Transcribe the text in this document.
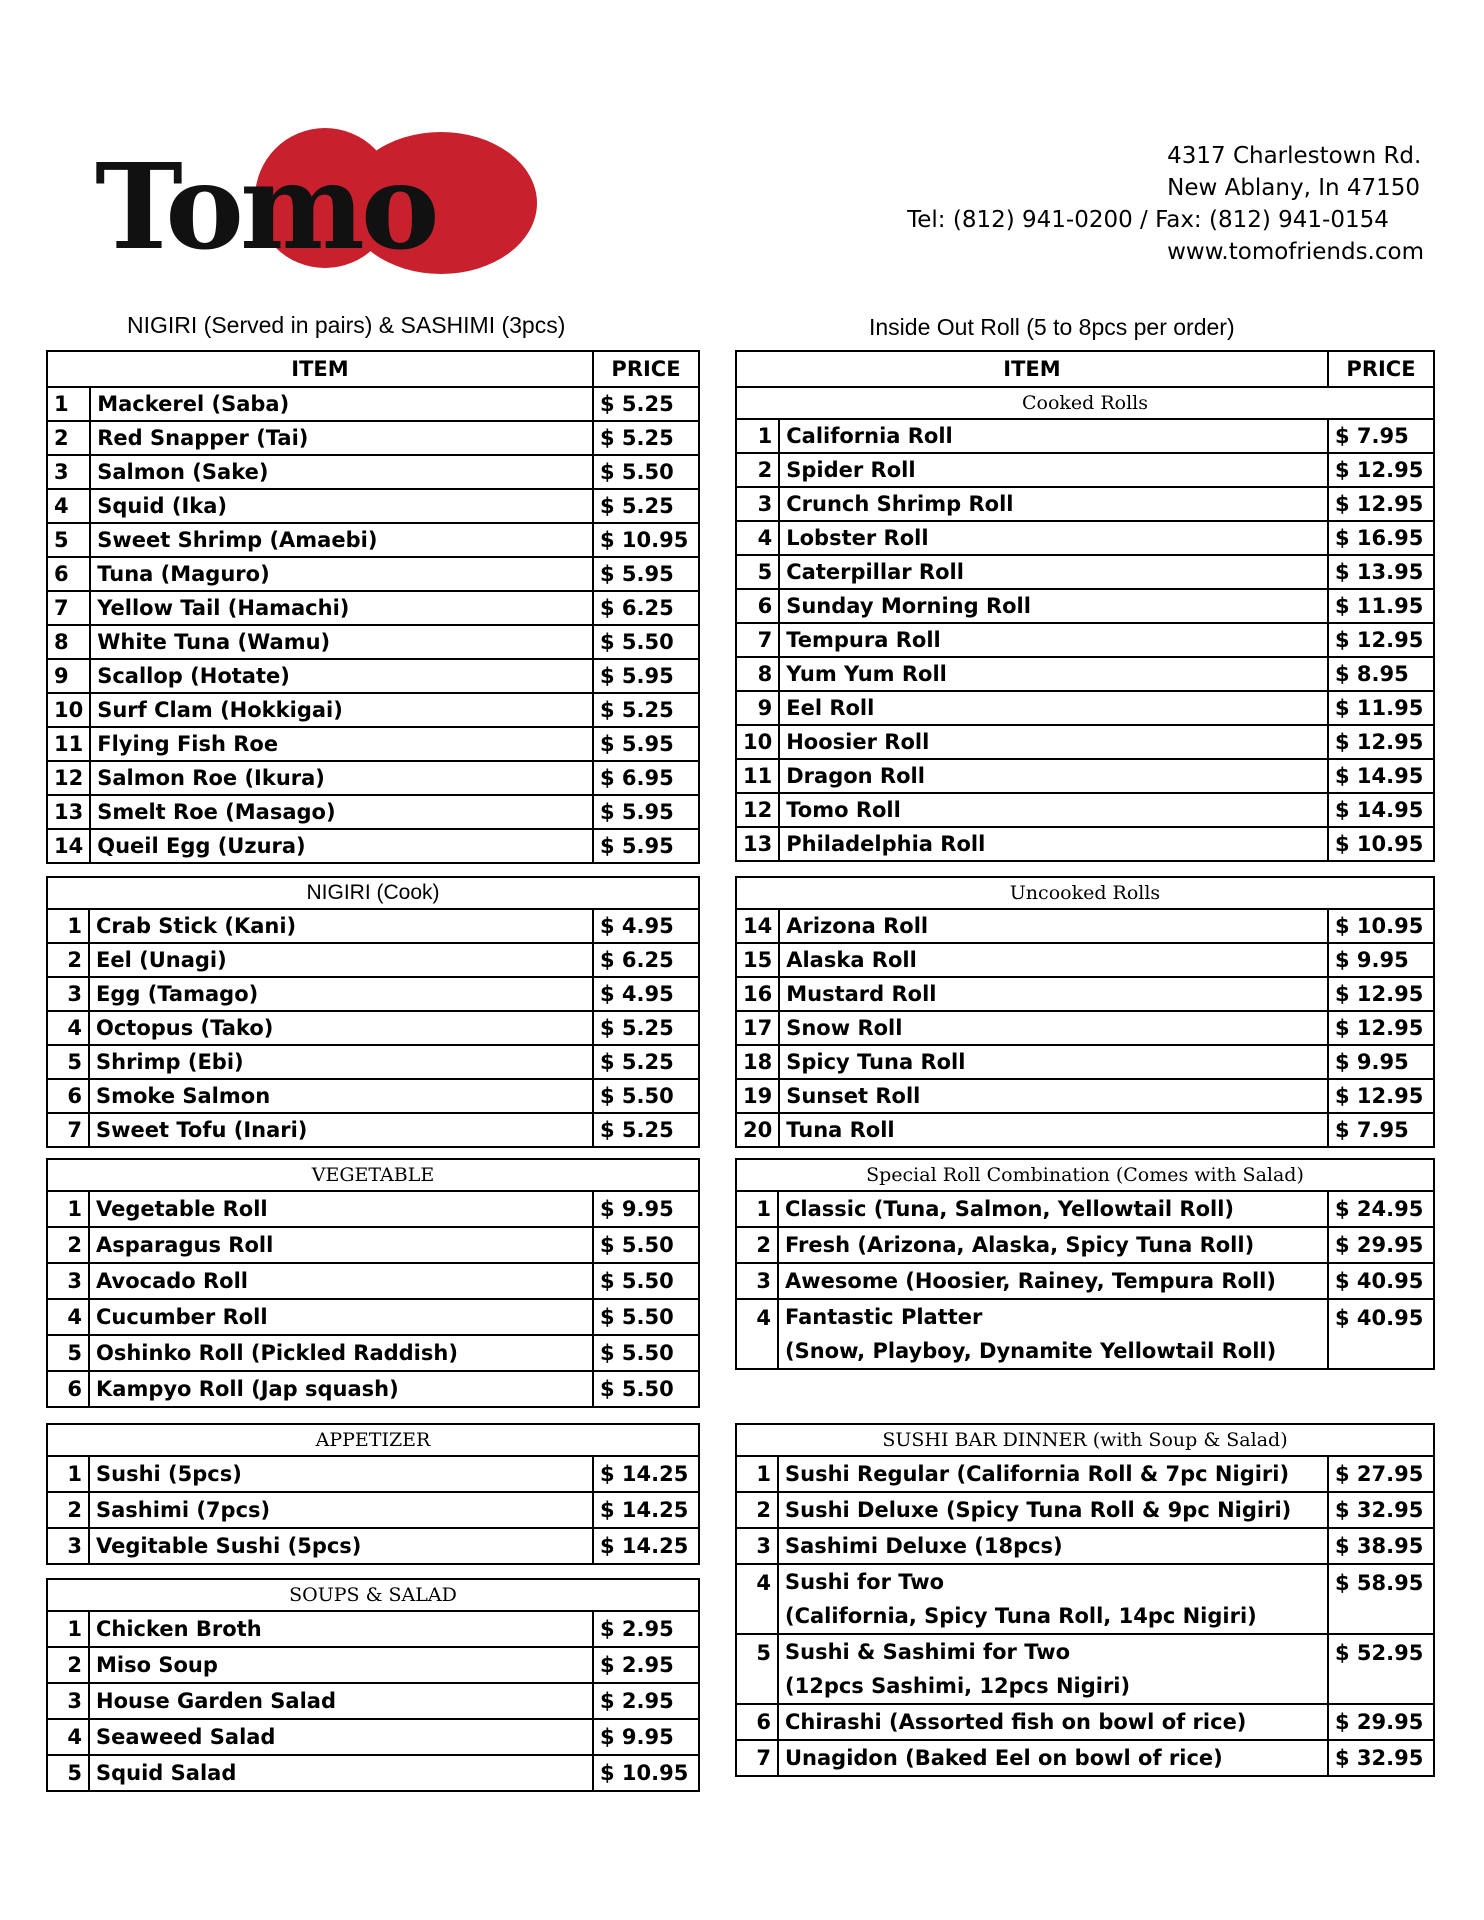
Tomo	4317 Charlestown Rd.
New Ablany, In 47150
Tel: (812) 941-0200 / Fax: (812) 941-0154
www.tomofriends.com
NIGIRI (Served in pairs) & SASHIMI (3pcs)	Inside Out Roll (5 to 8pcs per order)
ITEM		PRICE
1	Mackerel (Saba)	$ 5.25
2	Red Snapper (Tai)	$ 5.25
3	Salmon (Sake)	$ 5.50
4	Squid (Ika)	$ 5.25
5	Sweet Shrimp (Amaebi)	$ 10.95
6	Tuna (Maguro)	$ 5.95
7	Yellow Tail (Hamachi)	$ 6.25
8	White Tuna (Wamu)	$ 5.50
9	Scallop (Hotate)	$ 5.95
10	Surf Clam (Hokkigai)	$ 5.25
11	Flying Fish Roe	$ 5.95
12	Salmon Roe (Ikura)	$ 6.95
13	Smelt Roe (Masago)	$ 5.95
14	Queil Egg (Uzura)	$ 5.95
NIGIRI (Cook)		
1	Crab Stick (Kani)	$ 4.95
2	Eel (Unagi)	$ 6.25
3	Egg (Tamago)	$ 4.95
4	Octopus (Tako)	$ 5.25
5	Shrimp (Ebi)	$ 5.25
6	Smoke Salmon	$ 5.50
7	Sweet Tofu (Inari)	$ 5.25
VEGETABLE		
1	Vegetable Roll	$ 9.95
2	Asparagus Roll	$ 5.50
3	Avocado Roll	$ 5.50
4	Cucumber Roll	$ 5.50
5	Oshinko Roll (Pickled Raddish)	$ 5.50
6	Kampyo Roll (Jap squash)	$ 5.50
APPETIZER		
1	Sushi (5pcs)	$ 14.25
2	Sashimi (7pcs)	$ 14.25
3	Vegitable Sushi (5pcs)	$ 14.25
SOUPS & SALAD		
1	Chicken Broth	$ 2.95
2	Miso Soup	$ 2.95
3	House Garden Salad	$ 2.95
4	Seaweed Salad	$ 9.95
5	Squid Salad	$ 10.95
ITEM		PRICE
Cooked Rolls		
1	California Roll	$ 7.95
2	Spider Roll	$ 12.95
3	Crunch Shrimp Roll	$ 12.95
4	Lobster Roll	$ 16.95
5	Caterpillar Roll	$ 13.95
6	Sunday Morning Roll	$ 11.95
7	Tempura Roll	$ 12.95
8	Yum Yum Roll	$ 8.95
9	Eel Roll	$ 11.95
10	Hoosier Roll	$ 12.95
11	Dragon Roll	$ 14.95
12	Tomo Roll	$ 14.95
13	Philadelphia Roll	$ 10.95
Uncooked Rolls		
14	Arizona Roll	$ 10.95
15	Alaska Roll	$ 9.95
16	Mustard Roll	$ 12.95
17	Snow Roll	$ 12.95
18	Spicy Tuna Roll	$ 9.95
19	Sunset Roll	$ 12.95
20	Tuna Roll	$ 7.95
Special Roll Combination (Comes with Salad)		
1	Classic (Tuna, Salmon, Yellowtail Roll)	$ 24.95
2	Fresh (Arizona, Alaska, Spicy Tuna Roll)	$ 29.95
3	Awesome (Hoosier, Rainey, Tempura Roll)	$ 40.95
4	Fantastic Platter	$ 40.95
	(Snow, Playboy, Dynamite Yellowtail Roll)	
SUSHI BAR DINNER (with Soup & Salad)		
1	Sushi Regular (California Roll & 7pc Nigiri)	$ 27.95
2	Sushi Deluxe (Spicy Tuna Roll & 9pc Nigiri)	$ 32.95
3	Sashimi Deluxe (18pcs)	$ 38.95
4	Sushi for Two	$ 58.95
	(California, Spicy Tuna Roll, 14pc Nigiri)	
5	Sushi & Sashimi for Two	$ 52.95
	(12pcs Sashimi, 12pcs Nigiri)	
6	Chirashi (Assorted fish on bowl of rice)	$ 29.95
7	Unagidon (Baked Eel on bowl of rice)	$ 32.95
